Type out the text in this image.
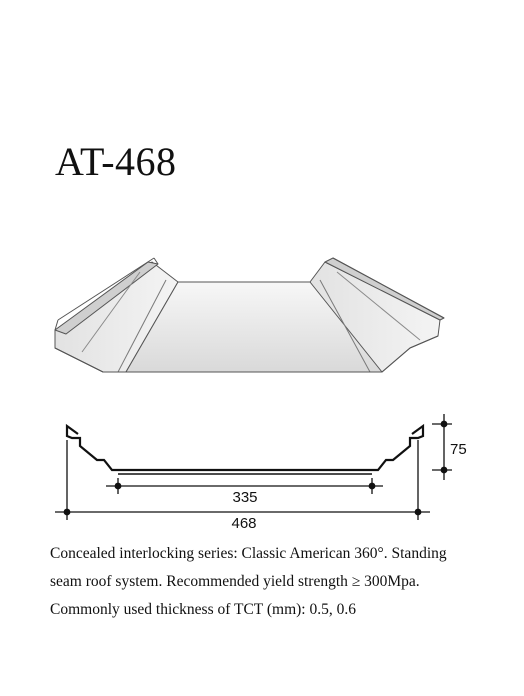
AT-468
335
468
75
Concealed interlocking series: Classic American 360°. Standing
seam roof system. Recommended yield strength ≥ 300Mpa.
Commonly used thickness of TCT (mm): 0.5, 0.6
